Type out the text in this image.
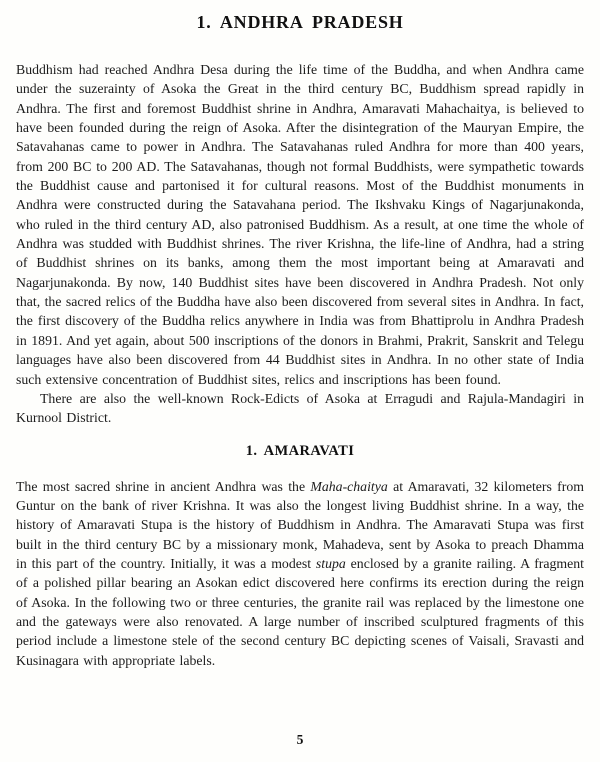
1. ANDHRA PRADESH

Buddhism had reached Andhra Desa during the life time of the Buddha, and when Andhra came under the suzerainty of Asoka the Great in the third century BC, Buddhism spread rapidly in Andhra. The first and foremost Buddhist shrine in Andhra, Amaravati Mahachaitya, is believed to have been founded during the reign of Asoka. After the disintegration of the Mauryan Empire, the Satavahanas came to power in Andhra. The Satavahanas ruled Andhra for more than 400 years, from 200 BC to 200 AD. The Satavahanas, though not formal Buddhists, were sympathetic towards the Buddhist cause and partonised it for cultural reasons. Most of the Buddhist monuments in Andhra were constructed during the Satavahana period. The Ikshvaku Kings of Nagarjunakonda, who ruled in the third century AD, also patronised Buddhism. As a result, at one time the whole of Andhra was studded with Buddhist shrines. The river Krishna, the life-line of Andhra, had a string of Buddhist shrines on its banks, among them the most important being at Amaravati and Nagarjunakonda. By now, 140 Buddhist sites have been discovered in Andhra Pradesh. Not only that, the sacred relics of the Buddha have also been discovered from several sites in Andhra. In fact, the first discovery of the Buddha relics anywhere in India was from Bhattiprolu in Andhra Pradesh in 1891. And yet again, about 500 inscriptions of the donors in Brahmi, Prakrit, Sanskrit and Telegu languages have also been discovered from 44 Buddhist sites in Andhra. In no other state of India such extensive concentration of Buddhist sites, relics and inscriptions has been found.

There are also the well-known Rock-Edicts of Asoka at Erragudi and Rajula-Mandagiri in Kurnool District.

1. AMARAVATI

The most sacred shrine in ancient Andhra was the Maha-chaitya at Amaravati, 32 kilometers from Guntur on the bank of river Krishna. It was also the longest living Buddhist shrine. In a way, the history of Amaravati Stupa is the history of Buddhism in Andhra. The Amaravati Stupa was first built in the third century BC by a missionary monk, Mahadeva, sent by Asoka to preach Dhamma in this part of the country. Initially, it was a modest stupa enclosed by a granite railing. A fragment of a polished pillar bearing an Asokan edict discovered here confirms its erection during the reign of Asoka. In the following two or three centuries, the granite rail was replaced by the limestone one and the gateways were also renovated. A large number of inscribed sculptured fragments of this period include a limestone stele of the second century BC depicting scenes of Vaisali, Sravasti and Kusinagara with appropriate labels.

5
